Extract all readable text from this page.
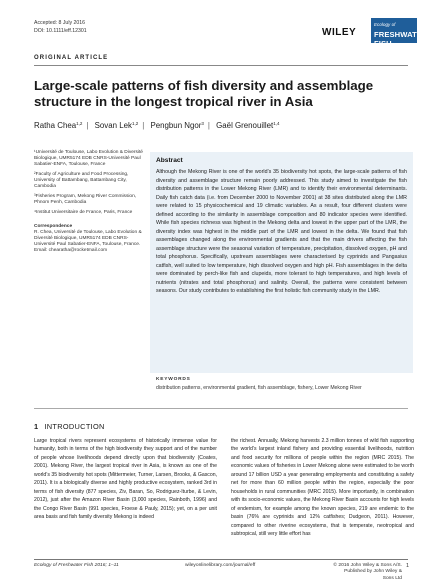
Accepted: 8 July 2016
DOI: 10.1111/eff.12301	WILEY
Ecology of
FRESHWATER FISH
ORIGINAL ARTICLE
Large-scale patterns of fish diversity and assemblage structure in the longest tropical river in Asia
Ratha Chea$^{1,2}$ | Sovan Lek$^{1,2}$ | Pengbun Ngor$^3$ | Gaël Grenouillet$^{1,4}$

¹Université de Toulouse, Labo Evolution & Diversité Biologique, UMR5174 EDB CNRS-Université Paul Sabatier-ENFA, Toulouse, France

²Faculty of Agriculture and Food Processing, University of Battambang, Battambang City, Cambodia

³Fisheries Program, Mekong River Commission, Phnom Penh, Cambodia

⁴Institut Universitaire de France, Paris, France

Correspondence

R. Chea, Université de Toulouse, Labo Evolution & Diversité Biologique, UMR5174 EDB CNRS- Université Paul Sabatier-ENFA, Toulouse, France.

Email: chearatha@rocketmail.com

Abstract
Although the Mekong River is one of the world’s 35 biodiversity hot spots, the large-scale patterns of fish diversity and assemblage structure remain poorly addressed. This study aimed to investigate the fish distribution patterns in the Lower Mekong River (LMR) and to identify their environmental determinants. Daily fish catch data (i.e. from December 2000 to November 2001) at 38 sites distributed along the LMR were related to 15 physicochemical and 19 climatic variables. As a result, four different clusters were defined according to the similarity in assemblage composition and 80 indicator species were identified. While fish species richness was highest in the Mekong delta and lowest in the upper part of the LMR, the diversity index was highest in the middle part of the LMR and lowest in the delta. We found that fish assemblages changed along the environmental gradients and that the main drivers affecting the fish assemblage structure were the seasonal variation of temperature, precipitation, dissolved oxygen, pH and total phosphorus. Specifically, upstream assemblages were characterised by cyprinids and Pangasius catfish, well suited to low temperature, high dissolved oxygen and high pH. Fish assemblages in the delta were dominated by perch-like fish and clupeids, more tolerant to high temperatures, and high levels of nutrients (nitrates and total phosphorus) and salinity. Overall, the patterns were consistent between seasons. Our study contributes to establishing the first holistic fish community study in the LMR.
KEYWORDS
distribution patterns, environmental gradient, fish assemblage, fishery, Lower Mekong River
1 INTRODUCTION

Large tropical rivers represent ecosystems of historically immense value for humanity, both in terms of the high biodiversity they support and of the number of people whose livelihoods depend directly upon that biodiversity (Coates, 2001). Mekong River, the largest tropical river in Asia, is known as one of the world’s 35 biodiversity hot spots (Mittermeier, Turner, Larsen, Brooks, & Gascon, 2011). It is a biologically diverse and highly productive ecosystem, ranked 3rd in terms of fish diversity (877 species, Ziv, Baran, So, Rodriguez-Iturbe, & Levin, 2012), just after the Amazon River Basin (3,000 species, Rainboth, 1996) and the Congo River Basin (991 species, Froese & Pauly, 2015); yet, on a per unit area basis and fish family diversity Mekong is indeed

the richest. Annually, Mekong harvests 2.3 million tonnes of wild fish supporting the world’s largest inland fishery and providing essential livelihoods, nutrition and food security for millions of people within the region (MRC 2015). The economic values of fisheries in Lower Mekong alone were estimated to be worth around 17 billion USD a year generating employments and constituting a safety net for more than 60 million people within the region, especially the poor households in rural communities (MRC 2015). More importantly, in combination with its socio-economic values, the Mekong River Basin accounts for high levels of endemism, for example among the known species, 219 are endemic to the basin (76% are cyprinids and 12% catfishes; Dudgeon, 2011). However, compared to other riverine ecosystems, that is temperate, neotropical and subtropical, still very little effort has

Ecology of Freshwater Fish 2016; 1–11	wileyonlinelibrary.com/journal/eff	© 2016 John Wiley & Sons A/S.
Published by John Wiley & Sons Ltd
1
